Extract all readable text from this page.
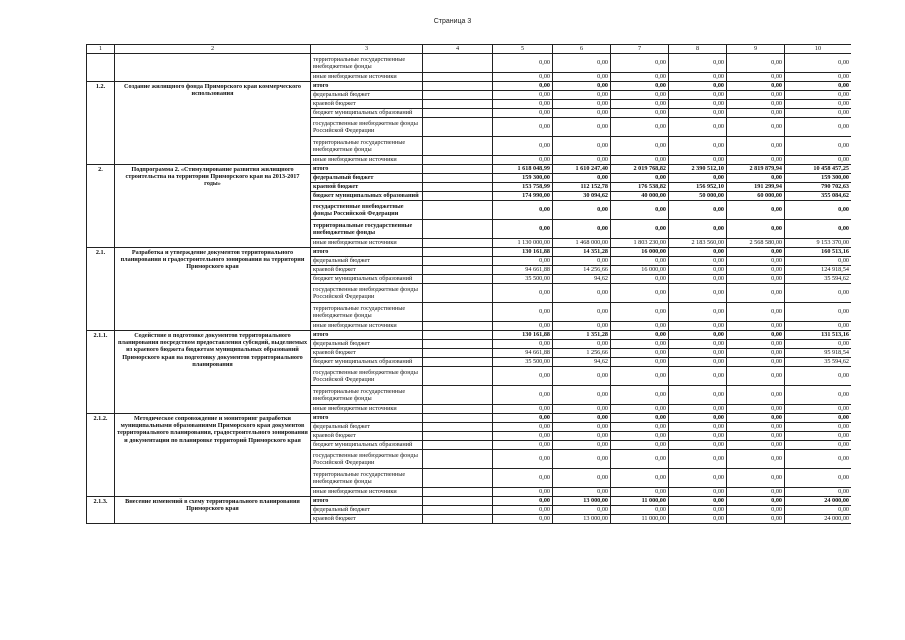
Страница 3
1	2	3	4	5	6	7	8	9	10
		территориальные государственные внебюджетные фонды		0,00	0,00	0,00	0,00	0,00	0,00
		иные внебюджетные источники		0,00	0,00	0,00	0,00	0,00	0,00
1.2.	Создание жилищного фонда Приморского края коммерческого использования	итого		0,00	0,00	0,00	0,00	0,00	0,00
		федеральный бюджет		0,00	0,00	0,00	0,00	0,00	0,00
		краевой бюджет		0,00	0,00	0,00	0,00	0,00	0,00
		бюджет муниципальных образований		0,00	0,00	0,00	0,00	0,00	0,00
		государственные внебюджетные фонды Российской Федерации		0,00	0,00	0,00	0,00	0,00	0,00
		территориальные государственные внебюджетные фонды		0,00	0,00	0,00	0,00	0,00	0,00
		иные внебюджетные источники		0,00	0,00	0,00	0,00	0,00	0,00
2.	Подпрограмма 2. «Стимулирование развития жилищного строительства на территории Приморского края на 2013-2017 годы»	итого		1 618 048,99	1 610 247,40	2 019 768,82	2 390 512,10	2 819 879,94	10 458 457,25
		федеральный бюджет		159 300,00	0,00	0,00	0,00	0,00	159 300,00
		краевой бюджет		153 758,99	112 152,78	176 538,82	156 952,10	191 299,94	790 702,63
		бюджет муниципальных образований		174 990,00	30 094,62	40 000,00	50 000,00	60 000,00	355 084,62
		государственные внебюджетные фонды Российской Федерации		0,00	0,00	0,00	0,00	0,00	0,00
		территориальные государственные внебюджетные фонды		0,00	0,00	0,00	0,00	0,00	0,00
		иные внебюджетные источники		1 130 000,00	1 468 000,00	1 803 230,00	2 183 560,00	2 568 580,00	9 153 370,00
2.1.	Разработка и утверждение документов территориального планирования и градостроительного зонирования на территории Приморского края	итого		130 161,88	14 351,28	16 000,00	0,00	0,00	160 513,16
		федеральный бюджет		0,00	0,00	0,00	0,00	0,00	0,00
		краевой бюджет		94 661,88	14 256,66	16 000,00	0,00	0,00	124 918,54
		бюджет муниципальных образований		35 500,00	94,62	0,00	0,00	0,00	35 594,62
		государственные внебюджетные фонды Российской Федерации		0,00	0,00	0,00	0,00	0,00	0,00
		территориальные государственные внебюджетные фонды		0,00	0,00	0,00	0,00	0,00	0,00
		иные внебюджетные источники		0,00	0,00	0,00	0,00	0,00	0,00
2.1.1.	Содействие в подготовке документов территориального планирования посредством предоставления субсидий, выделяемых из краевого бюджета бюджетам муниципальных образований Приморского края на подготовку документов территориального планирования	итого		130 161,88	1 351,28	0,00	0,00	0,00	131 513,16
		федеральный бюджет		0,00	0,00	0,00	0,00	0,00	0,00
		краевой бюджет		94 661,88	1 256,66	0,00	0,00	0,00	95 918,54
		бюджет муниципальных образований		35 500,00	94,62	0,00	0,00	0,00	35 594,62
		государственные внебюджетные фонды Российской Федерации		0,00	0,00	0,00	0,00	0,00	0,00
		территориальные государственные внебюджетные фонды		0,00	0,00	0,00	0,00	0,00	0,00
		иные внебюджетные источники		0,00	0,00	0,00	0,00	0,00	0,00
2.1.2.	Методическое сопровождение и мониторинг разработки муниципальными образованиями Приморского края документов территориального планирования, градостроительного зонирования и документации по планировке территорий Приморского края	итого		0,00	0,00	0,00	0,00	0,00	0,00
		федеральный бюджет		0,00	0,00	0,00	0,00	0,00	0,00
		краевой бюджет		0,00	0,00	0,00	0,00	0,00	0,00
		бюджет муниципальных образований		0,00	0,00	0,00	0,00	0,00	0,00
		государственные внебюджетные фонды Российской Федерации		0,00	0,00	0,00	0,00	0,00	0,00
		территориальные государственные внебюджетные фонды		0,00	0,00	0,00	0,00	0,00	0,00
		иные внебюджетные источники		0,00	0,00	0,00	0,00	0,00	0,00
2.1.3.	Внесение изменений в схему территориального планирования Приморского края	итого		0,00	13 000,00	11 000,00	0,00	0,00	24 000,00
		федеральный бюджет		0,00	0,00	0,00	0,00	0,00	0,00
		краевой бюджет		0,00	13 000,00	11 000,00	0,00	0,00	24 000,00
